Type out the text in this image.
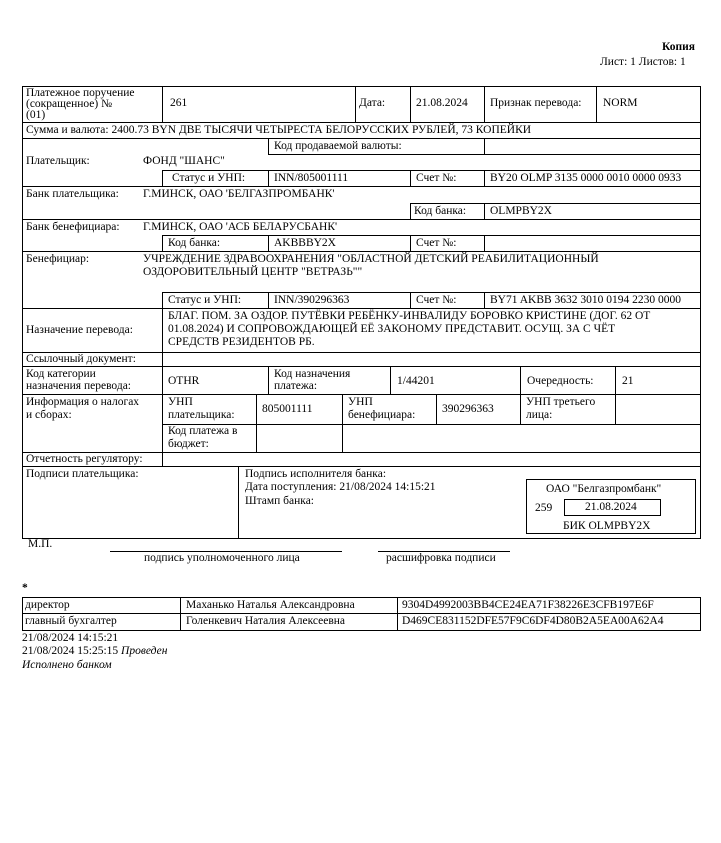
Копия
Лист: 1 Листов: 1
Платежное поручение
(сокращенное) №
(01)
261	Дата:	21.08.2024 Признак перевода: NORM
Сумма и валюта: 2400.73 BYN ДВЕ ТЫСЯЧИ ЧЕТЫРЕСТА БЕЛОРУССКИХ РУБЛЕЙ, 73 КОПЕЙКИ
Код продаваемой валюты:
Плательщик:	ФОНД "ШАНС"
Статус и УНП:	INN/805001111	Счет №:	BY20 OLMP 3135 0000 0010 0000 0933
Банк плательщика: Г.МИНСК, ОАО 'БЕЛГАЗПРОМБАНК'
Код банка: OLMPBY2X
Банк бенефициара: Г.МИНСК, ОАО 'АСБ БЕЛАРУСБАНК'
Код банка:	AKBBBY2X	Счет №:
Бенефициар:	УЧРЕЖДЕНИЕ ЗДРАВООХРАНЕНИЯ "ОБЛАСТНОЙ ДЕТСКИЙ РЕАБИЛИТАЦИОННЫЙ
ОЗДОРОВИТЕЛЬНЫЙ ЦЕНТР "ВЕТРАЗЬ""
Статус и УНП:	INN/390296363	Счет №:	BY71 AKBB 3632 3010 0194 2230 0000
Назначение перевода:
БЛАГ. ПОМ. ЗА ОЗДОР. ПУТЁВКИ РЕБЁНКУ-ИНВАЛИДУ БОРОВКО КРИСТИНЕ (ДОГ. 62 ОТ
01.08.2024) И СОПРОВОЖДАЮЩЕЙ ЕЁ ЗАКОНОМУ ПРЕДСТАВИТ. ОСУЩ. ЗА С ЧЁТ
СРЕДСТВ РЕЗИДЕНТОВ РБ.
Ссылочный документ:
Код категории
назначения перевода:	OTHR
Код назначения
платежа:	1/44201	Очередность: 21
Информация о налогах
и сборах:
УНП
плательщика: 805001111
УНП
бенефициара: 390296363
УНП третьего
лица:
Код платежа в
бюджет:
Отчетность регулятору:
Подписи плательщика:	Подпись исполнителя банка:
Дата поступления: 21/08/2024 14:15:21
Штамп банка:
ОАО "Белгазпромбанк"
259	21.08.2024
БИК OLMPBY2X
М.П.
подпись уполномоченного лица	расшифровка подписи
*
директор	Маханько Наталья Александровна	9304D4992003BB4CE24EA71F38226E3CFB197E6F
главный бухгалтер	Голенкевич Наталия Алексеевна	D469CE831152DFE57F9C6DF4D80B2A5EA00A62A4
21/08/2024 14:15:21
21/08/2024 15:25:15 Проведен
Исполнено банком
